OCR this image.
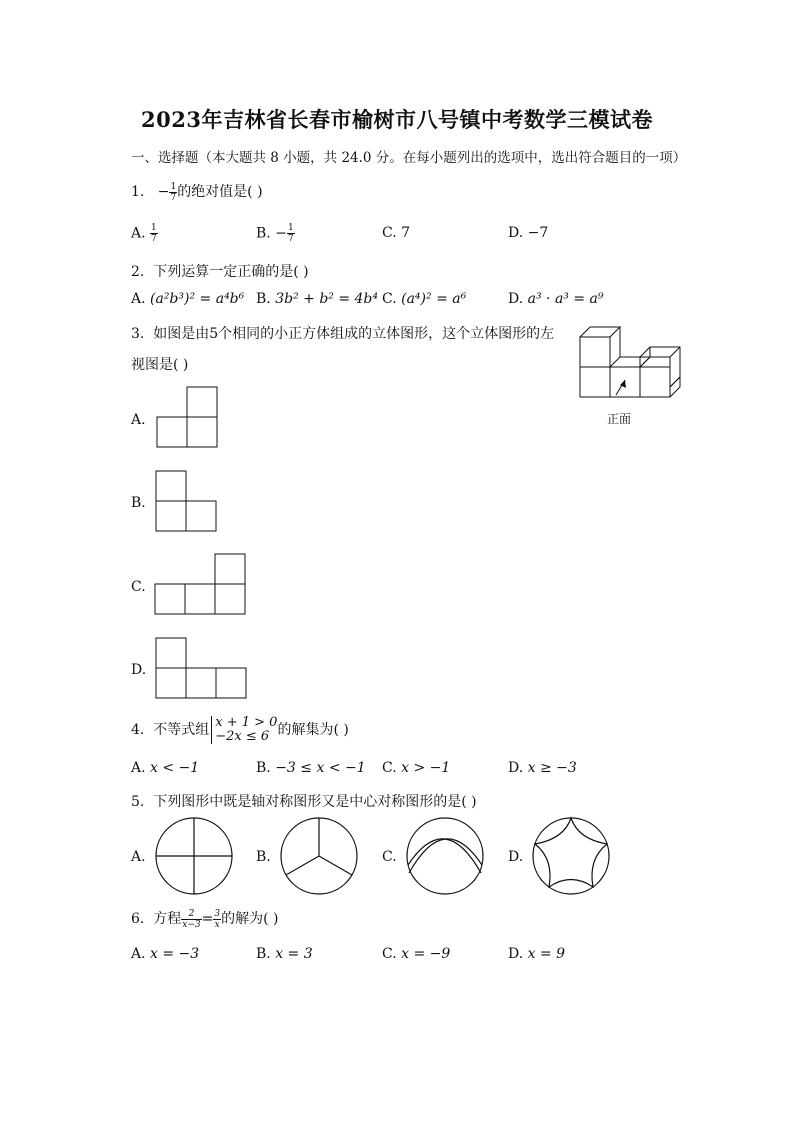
2023年吉林省长春市榆树市八号镇中考数学三模试卷
一、选择题（本大题共 8 小题，共 24.0 分。在每小题列出的选项中，选出符合题目的一项）
1. − $\frac{1}{7}$ 的绝对值是( )
A. $\frac{1}{7}$	B. − $\frac{1}{7}$	C. 7	D. −7
2. 下列运算一定正确的是( )
A. (a²b³)² = a⁴b⁶ B. 3b² + b² = 4b⁴ C. (a⁴)² = a⁶	D. a³ · a³ = a⁹
3. 如图是由5个相同的小正方体组成的立体图形，这个立体图形的左
视图是( )
正面
A.
B.
C.
D.
4. 不等式组 x + 1 > 0
−2x ≤ 6 的解集为( )
A. x < −1	B. −3 ≤ x < −1 C. x > −1	D. x ≥ −3
5. 下列图形中既是轴对称图形又是中心对称图形的是( )
A.	B.	C.	D.
6. 方程 $\frac{2}{x-3} = \frac{3}{x}$ 的解为( )
A. x = −3	B. x = 3	C. x = −9	D. x = 9
